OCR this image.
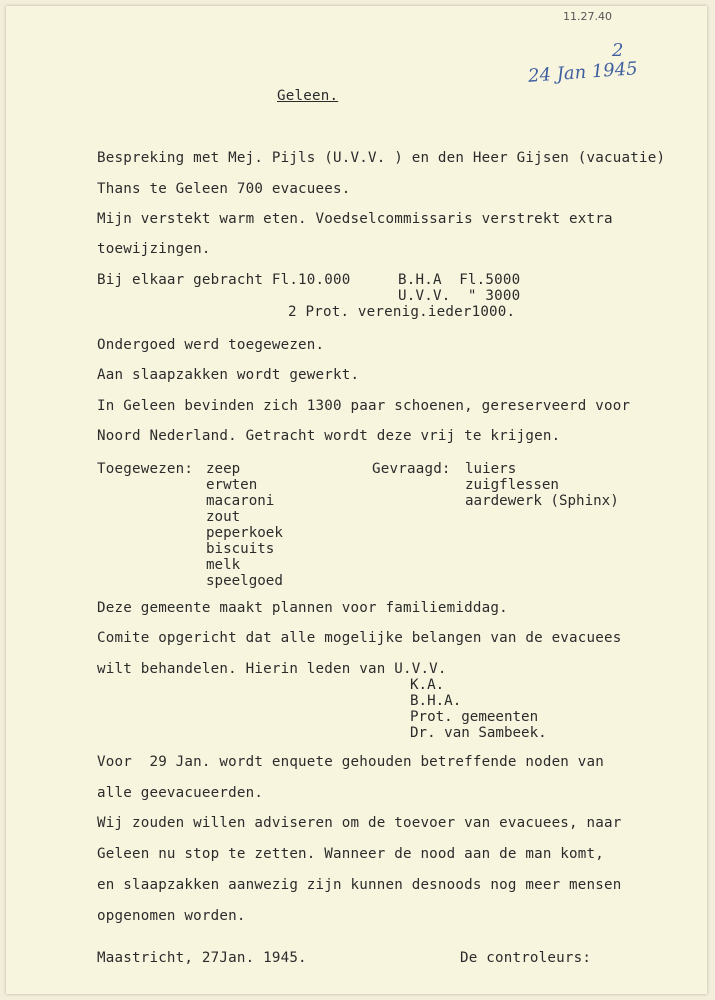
11.27.40
2
24 Jan 1945
Geleen.
Bespreking met Mej. Pijls (U.V.V. ) en den Heer Gijsen (vacuatie)
Thans te Geleen 700 evacuees.
Mijn verstekt warm eten. Voedselcommissaris verstrekt extra
toewijzingen.
Bij elkaar gebracht Fl.10.000	B.H.A  Fl.5000
U.V.V.  " 3000
2 Prot. verenig.ieder1000.
Ondergoed werd toegewezen.
Aan slaapzakken wordt gewerkt.
In Geleen bevinden zich 1300 paar schoenen, gereserveerd voor
Noord Nederland. Getracht wordt deze vrij te krijgen.
Toegewezen: zeep
erwten
macaroni
zout
peperkoek
biscuits
melk
speelgoed
Gevraagd: luiers
zuigflessen
aardewerk (Sphinx)
Deze gemeente maakt plannen voor familiemiddag.
Comite opgericht dat alle mogelijke belangen van de evacuees
wilt behandelen. Hierin leden van U.V.V.
K.A.
B.H.A.
Prot. gemeenten
Dr. van Sambeek.
Voor  29 Jan. wordt enquete gehouden betreffende noden van
alle geevacueerden.
Wij zouden willen adviseren om de toevoer van evacuees, naar
Geleen nu stop te zetten. Wanneer de nood aan de man komt,
en slaapzakken aanwezig zijn kunnen desnoods nog meer mensen
opgenomen worden.
Maastricht, 27Jan. 1945.	De controleurs:
